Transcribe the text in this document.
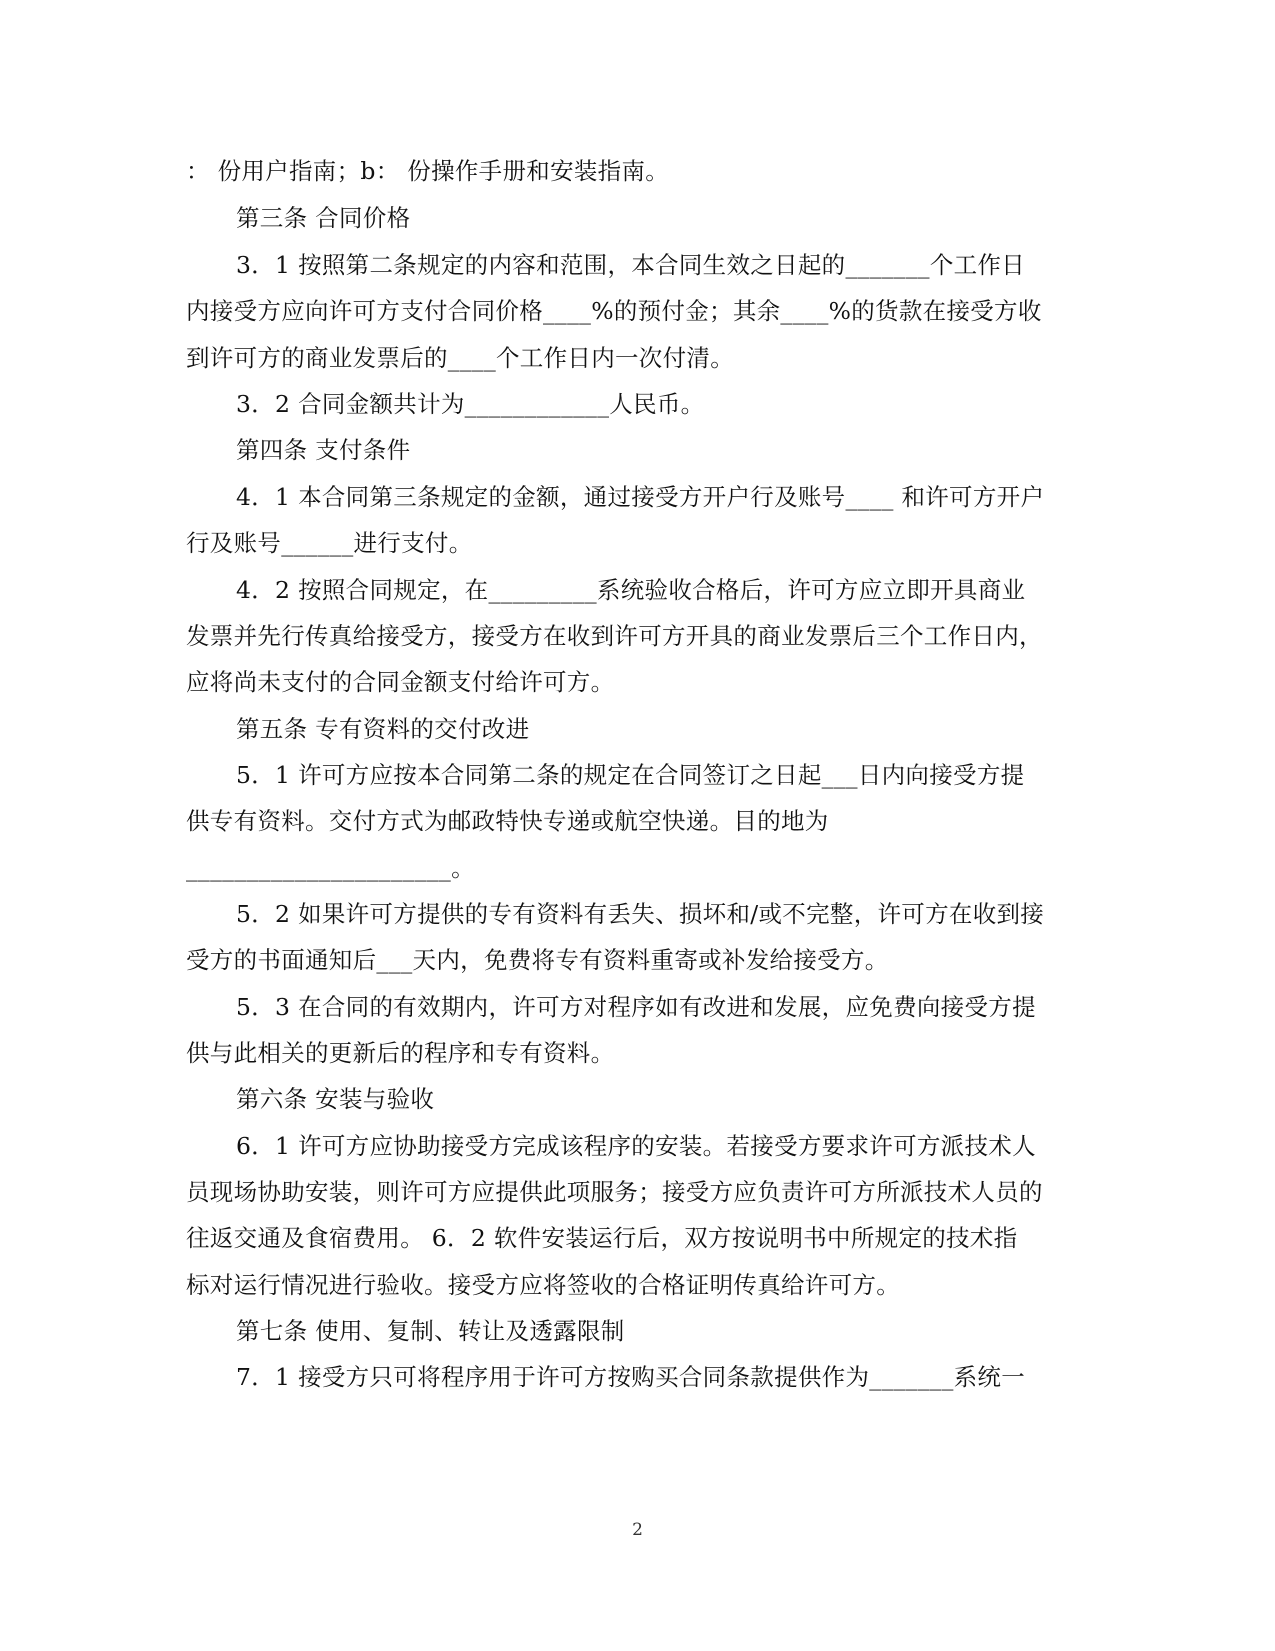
： 份用户指南；b： 份操作手册和安装指南。
第三条 合同价格
3．1 按照第二条规定的内容和范围，本合同生效之日起的_______个工作日
内接受方应向许可方支付合同价格____%的预付金；其余____%的货款在接受方收
到许可方的商业发票后的____个工作日内一次付清。
3．2 合同金额共计为____________人民币。
第四条 支付条件
4．1 本合同第三条规定的金额，通过接受方开户行及账号____ 和许可方开户
行及账号______进行支付。
4．2 按照合同规定，在_________系统验收合格后，许可方应立即开具商业
发票并先行传真给接受方，接受方在收到许可方开具的商业发票后三个工作日内，
应将尚未支付的合同金额支付给许可方。
第五条 专有资料的交付改进
5．1 许可方应按本合同第二条的规定在合同签订之日起___日内向接受方提
供专有资料。交付方式为邮政特快专递或航空快递。目的地为
______________________。
5．2 如果许可方提供的专有资料有丢失、损坏和/或不完整，许可方在收到接
受方的书面通知后___天内，免费将专有资料重寄或补发给接受方。
5．3 在合同的有效期内，许可方对程序如有改进和发展，应免费向接受方提
供与此相关的更新后的程序和专有资料。
第六条 安装与验收
6．1 许可方应协助接受方完成该程序的安装。若接受方要求许可方派技术人
员现场协助安装，则许可方应提供此项服务；接受方应负责许可方所派技术人员的
往返交通及食宿费用。 6．2 软件安装运行后，双方按说明书中所规定的技术指
标对运行情况进行验收。接受方应将签收的合格证明传真给许可方。
第七条 使用、复制、转让及透露限制
7．1 接受方只可将程序用于许可方按购买合同条款提供作为_______系统一
2
